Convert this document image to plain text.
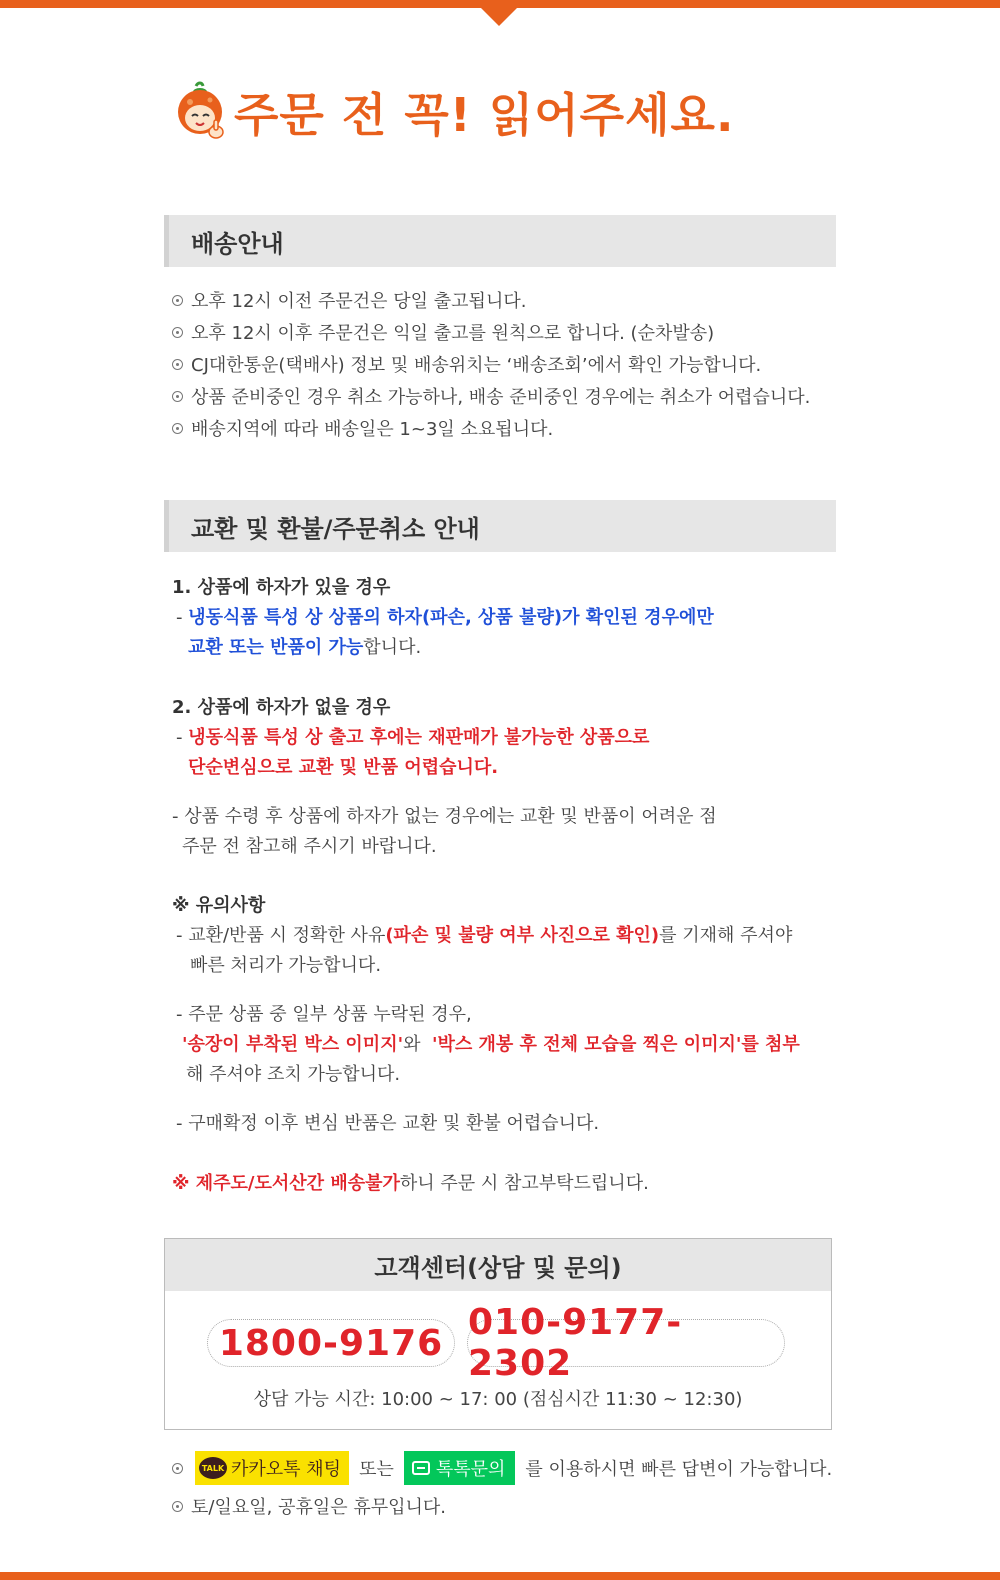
주문 전 꼭! 읽어주세요.
배송안내
오후 12시 이전 주문건은 당일 출고됩니다.
오후 12시 이후 주문건은 익일 출고를 원칙으로 합니다. (순차발송)
CJ대한통운(택배사) 정보 및 배송위치는 ‘배송조회’에서 확인 가능합니다.
상품 준비중인 경우 취소 가능하나, 배송 준비중인 경우에는 취소가 어렵습니다.
배송지역에 따라 배송일은 1~3일 소요됩니다.
교환 및 환불/주문취소 안내
1. 상품에 하자가 있을 경우
- 냉동식품 특성 상 상품의 하자(파손, 상품 불량)가 확인된 경우에만
교환 또는 반품이 가능합니다.
2. 상품에 하자가 없을 경우
- 냉동식품 특성 상 출고 후에는 재판매가 불가능한 상품으로
단순변심으로 교환 및 반품 어렵습니다.
- 상품 수령 후 상품에 하자가 없는 경우에는 교환 및 반품이 어려운 점
주문 전 참고해 주시기 바랍니다.
※ 유의사항
- 교환/반품 시 정확한 사유(파손 및 불량 여부 사진으로 확인)를 기재해 주셔야
빠른 처리가 가능합니다.
- 주문 상품 중 일부 상품 누락된 경우,
'송장이 부착된 박스 이미지'와 '박스 개봉 후 전체 모습을 찍은 이미지'를 첨부
해 주셔야 조치 가능합니다.
- 구매확정 이후 변심 반품은 교환 및 환불 어렵습니다.
※ 제주도/도서산간 배송불가하니 주문 시 참고부탁드립니다.
고객센터(상담 및 문의)
1800-9176 010-9177-2302
상담 가능 시간: 10:00 ~ 17: 00 (점심시간 11:30 ~ 12:30)
TALK 카카오톡 채팅 또는 톡톡문의 를 이용하시면 빠른 답변이 가능합니다.
토/일요일, 공휴일은 휴무입니다.
